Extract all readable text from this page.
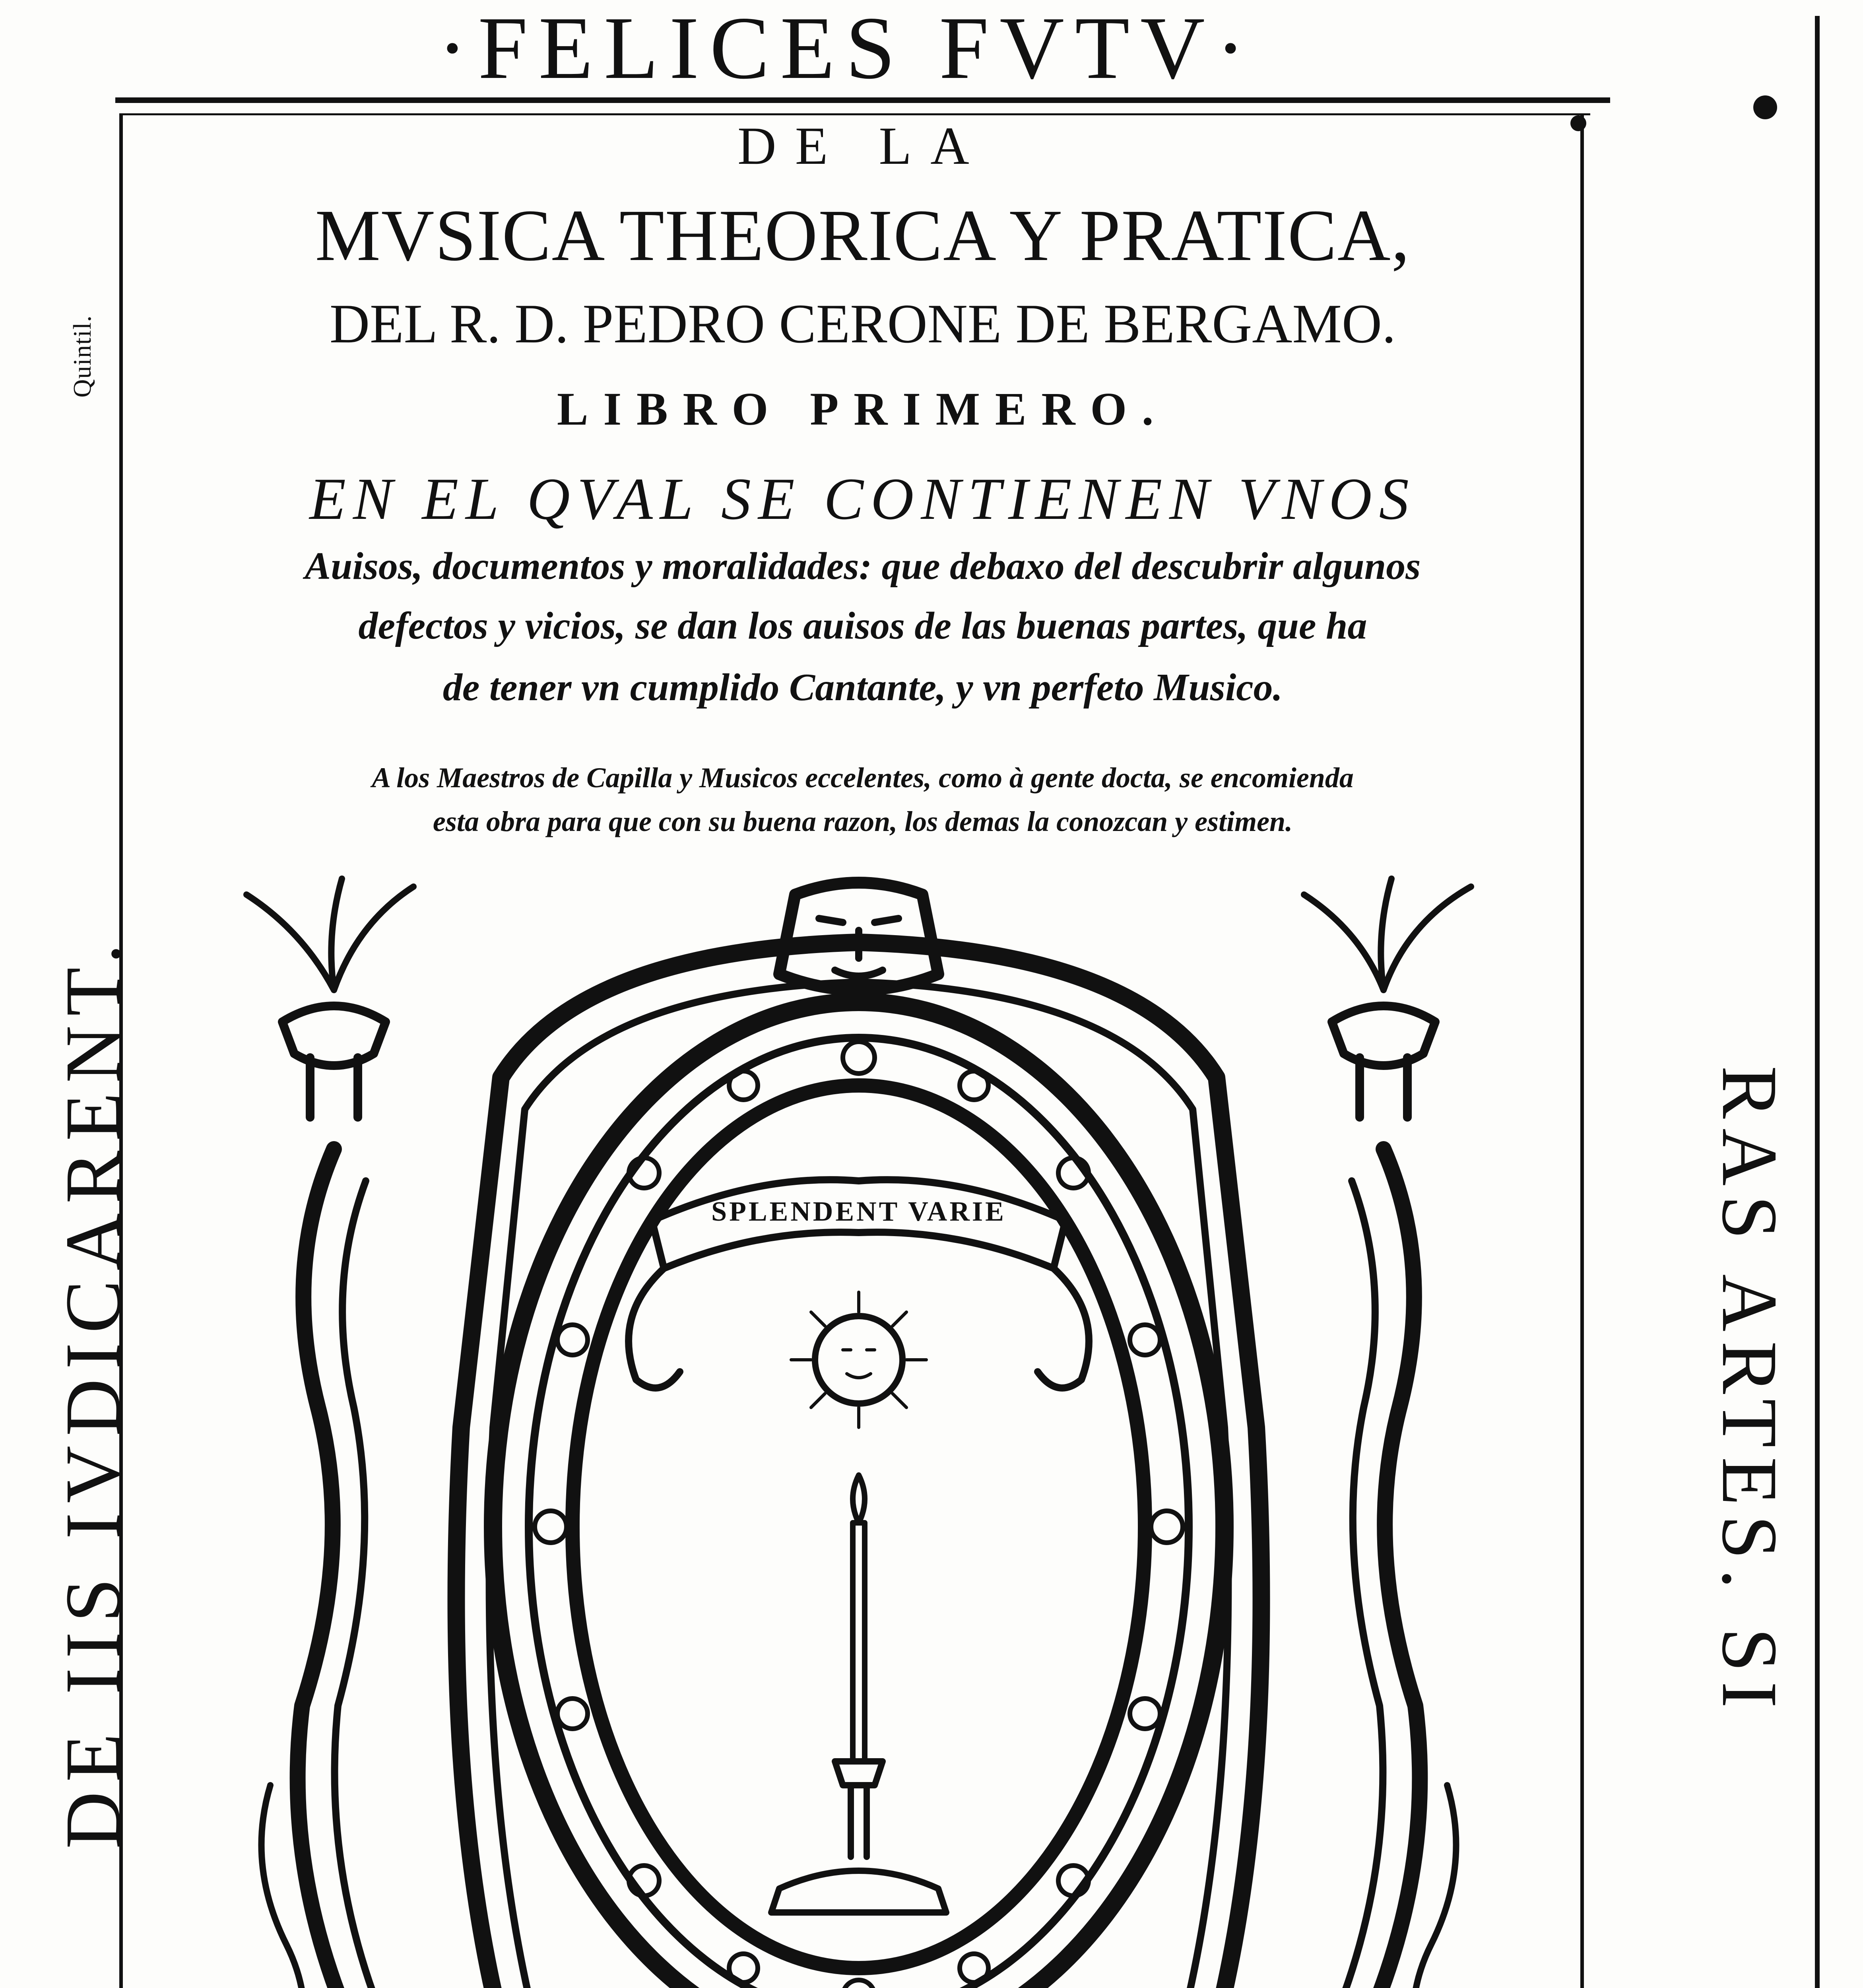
·FELICES FVTV·
DE IIS IVDICARENT.
Quintil.
RAS ARTES. SI
DE LA
MVSICA THEORICA Y PRATICA,
DEL R. D. PEDRO CERONE DE BERGAMO.
LIBRO PRIMERO.
EN EL QVAL SE CONTIENEN VNOS
Auisos, documentos y moralidades: que debaxo del descubrir algunos
defectos y vicios, se dan los auisos de las buenas partes, que ha
de tener vn cumplido Cantante, y vn perfeto Musico.
A los Maestros de Capilla y Musicos eccelentes, como à gente docta, se encomienda
esta obra para que con su buena razon, los demas la conozcan y estimen.
SPLENDENT VARIE
